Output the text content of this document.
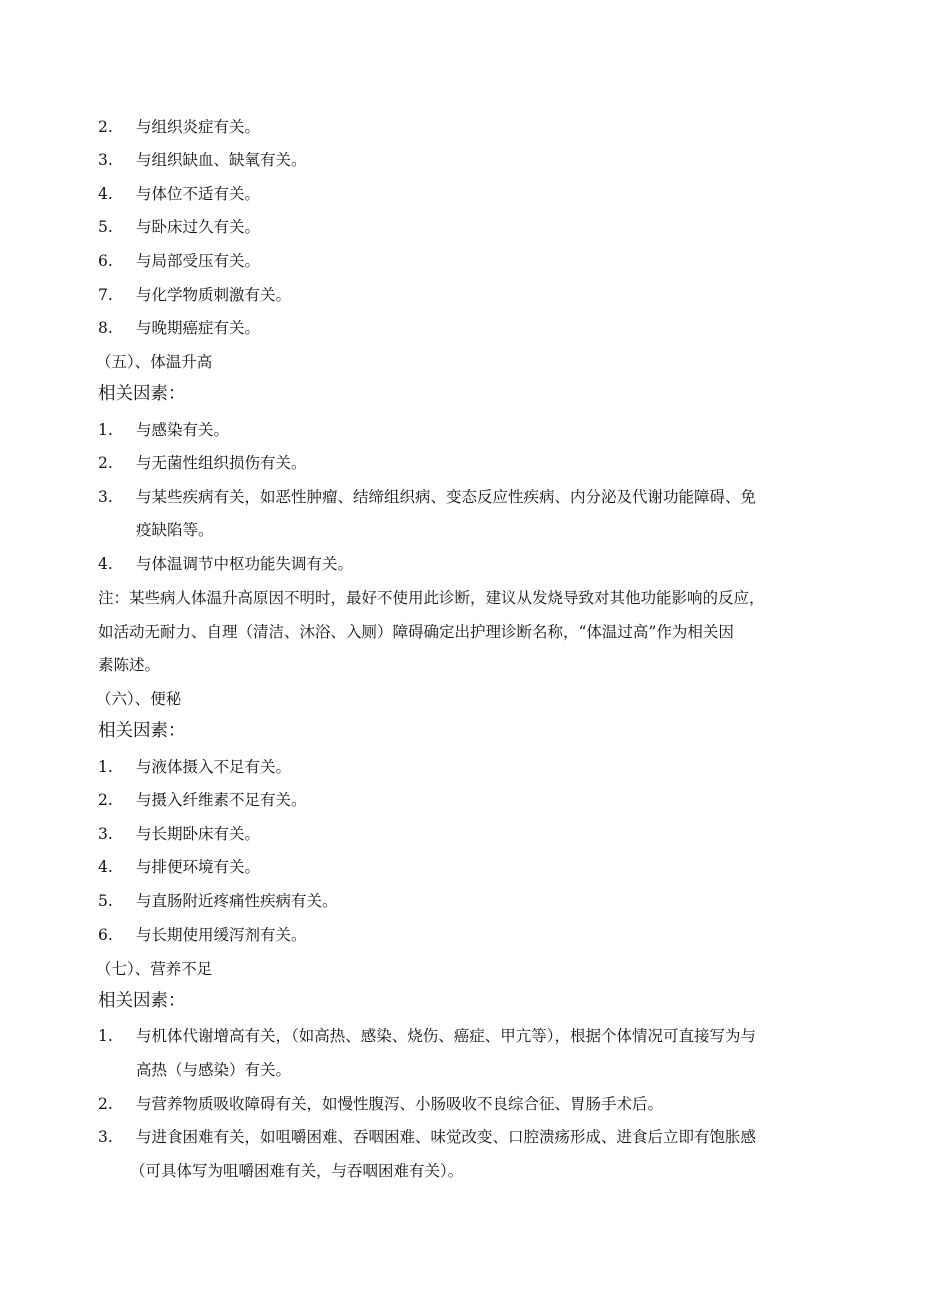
2. 与组织炎症有关。
3. 与组织缺血、缺氧有关。
4. 与体位不适有关。
5. 与卧床过久有关。
6. 与局部受压有关。
7. 与化学物质刺激有关。
8. 与晚期癌症有关。
（五）、体温升高
相关因素：
1. 与感染有关。
2. 与无菌性组织损伤有关。
3. 与某些疾病有关，如恶性肿瘤、结缔组织病、变态反应性疾病、内分泌及代谢功能障碍、免
疫缺陷等。
4. 与体温调节中枢功能失调有关。
注：某些病人体温升高原因不明时，最好不使用此诊断，建议从发烧导致对其他功能影响的反应，
如活动无耐力、自理（清洁、沐浴、入厕）障碍确定出护理诊断名称，“体温过高”作为相关因
素陈述。
（六）、便秘
相关因素：
1. 与液体摄入不足有关。
2. 与摄入纤维素不足有关。
3. 与长期卧床有关。
4. 与排便环境有关。
5. 与直肠附近疼痛性疾病有关。
6. 与长期使用缓泻剂有关。
（七）、营养不足
相关因素：
1. 与机体代谢增高有关，（如高热、感染、烧伤、癌症、甲亢等），根据个体情况可直接写为与
高热（与感染）有关。
2. 与营养物质吸收障碍有关，如慢性腹泻、小肠吸收不良综合征、胃肠手术后。
3. 与进食困难有关，如咀嚼困难、吞咽困难、味觉改变、口腔溃疡形成、进食后立即有饱胀感
（可具体写为咀嚼困难有关，与吞咽困难有关）。
